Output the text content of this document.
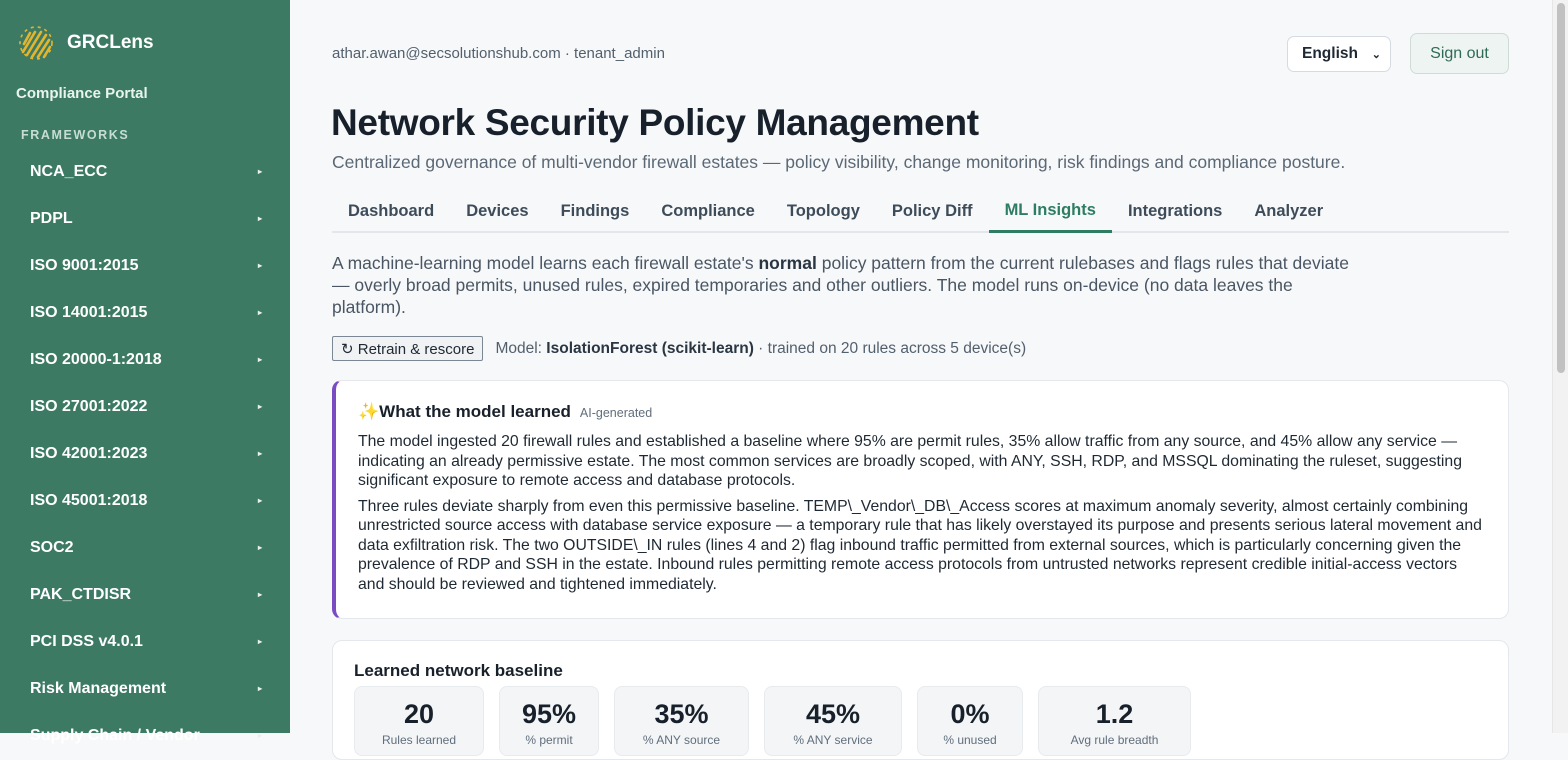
GRCLens
Compliance Portal
FRAMEWORKS
NCA_ECC	▸
PDPL	▸
ISO 9001:2015	▸
ISO 14001:2015	▸
ISO 20000-1:2018	▸
ISO 27001:2022	▸
ISO 42001:2023	▸
ISO 45001:2018	▸
SOC2	▸
PAK_CTDISR	▸
PCI DSS v4.0.1	▸
Risk Management	▸
Supply Chain / Vendor	▸
athar.awan@secsolutionshub.com · tenant_admin	English ⌄	Sign out
Network Security Policy Management
Centralized governance of multi-vendor firewall estates — policy visibility, change monitoring, risk findings and compliance posture.
Dashboard	Devices	Findings	Compliance	Topology	Policy Diff	ML Insights	Integrations	Analyzer

A machine-learning model learns each firewall estate's normal policy pattern from the current rulebases and flags rules that deviate — overly broad permits, unused rules, expired temporaries and other outliers. The model runs on-device (no data leaves the platform).

↻ Retrain & rescore	Model: IsolationForest (scikit-learn) · trained on 20 rules across 5 device(s)
✨What the model learned AI-generated

The model ingested 20 firewall rules and established a baseline where 95% are permit rules, 35% allow traffic from any source, and 45% allow any service — indicating an already permissive estate. The most common services are broadly scoped, with ANY, SSH, RDP, and MSSQL dominating the ruleset, suggesting significant exposure to remote access and database protocols.

Three rules deviate sharply from even this permissive baseline. TEMP\_Vendor\_DB\_Access scores at maximum anomaly severity, almost certainly combining unrestricted source access with database service exposure — a temporary rule that has likely overstayed its purpose and presents serious lateral movement and data exfiltration risk. The two OUTSIDE\_IN rules (lines 4 and 2) flag inbound traffic permitted from external sources, which is particularly concerning given the prevalence of RDP and SSH in the estate. Inbound rules permitting remote access protocols from untrusted networks represent credible initial-access vectors and should be reviewed and tightened immediately.

Learned network baseline
20
Rules learned
95%
% permit
35%
% ANY source
45%
% ANY service
0%
% unused
1.2
Avg rule breadth
